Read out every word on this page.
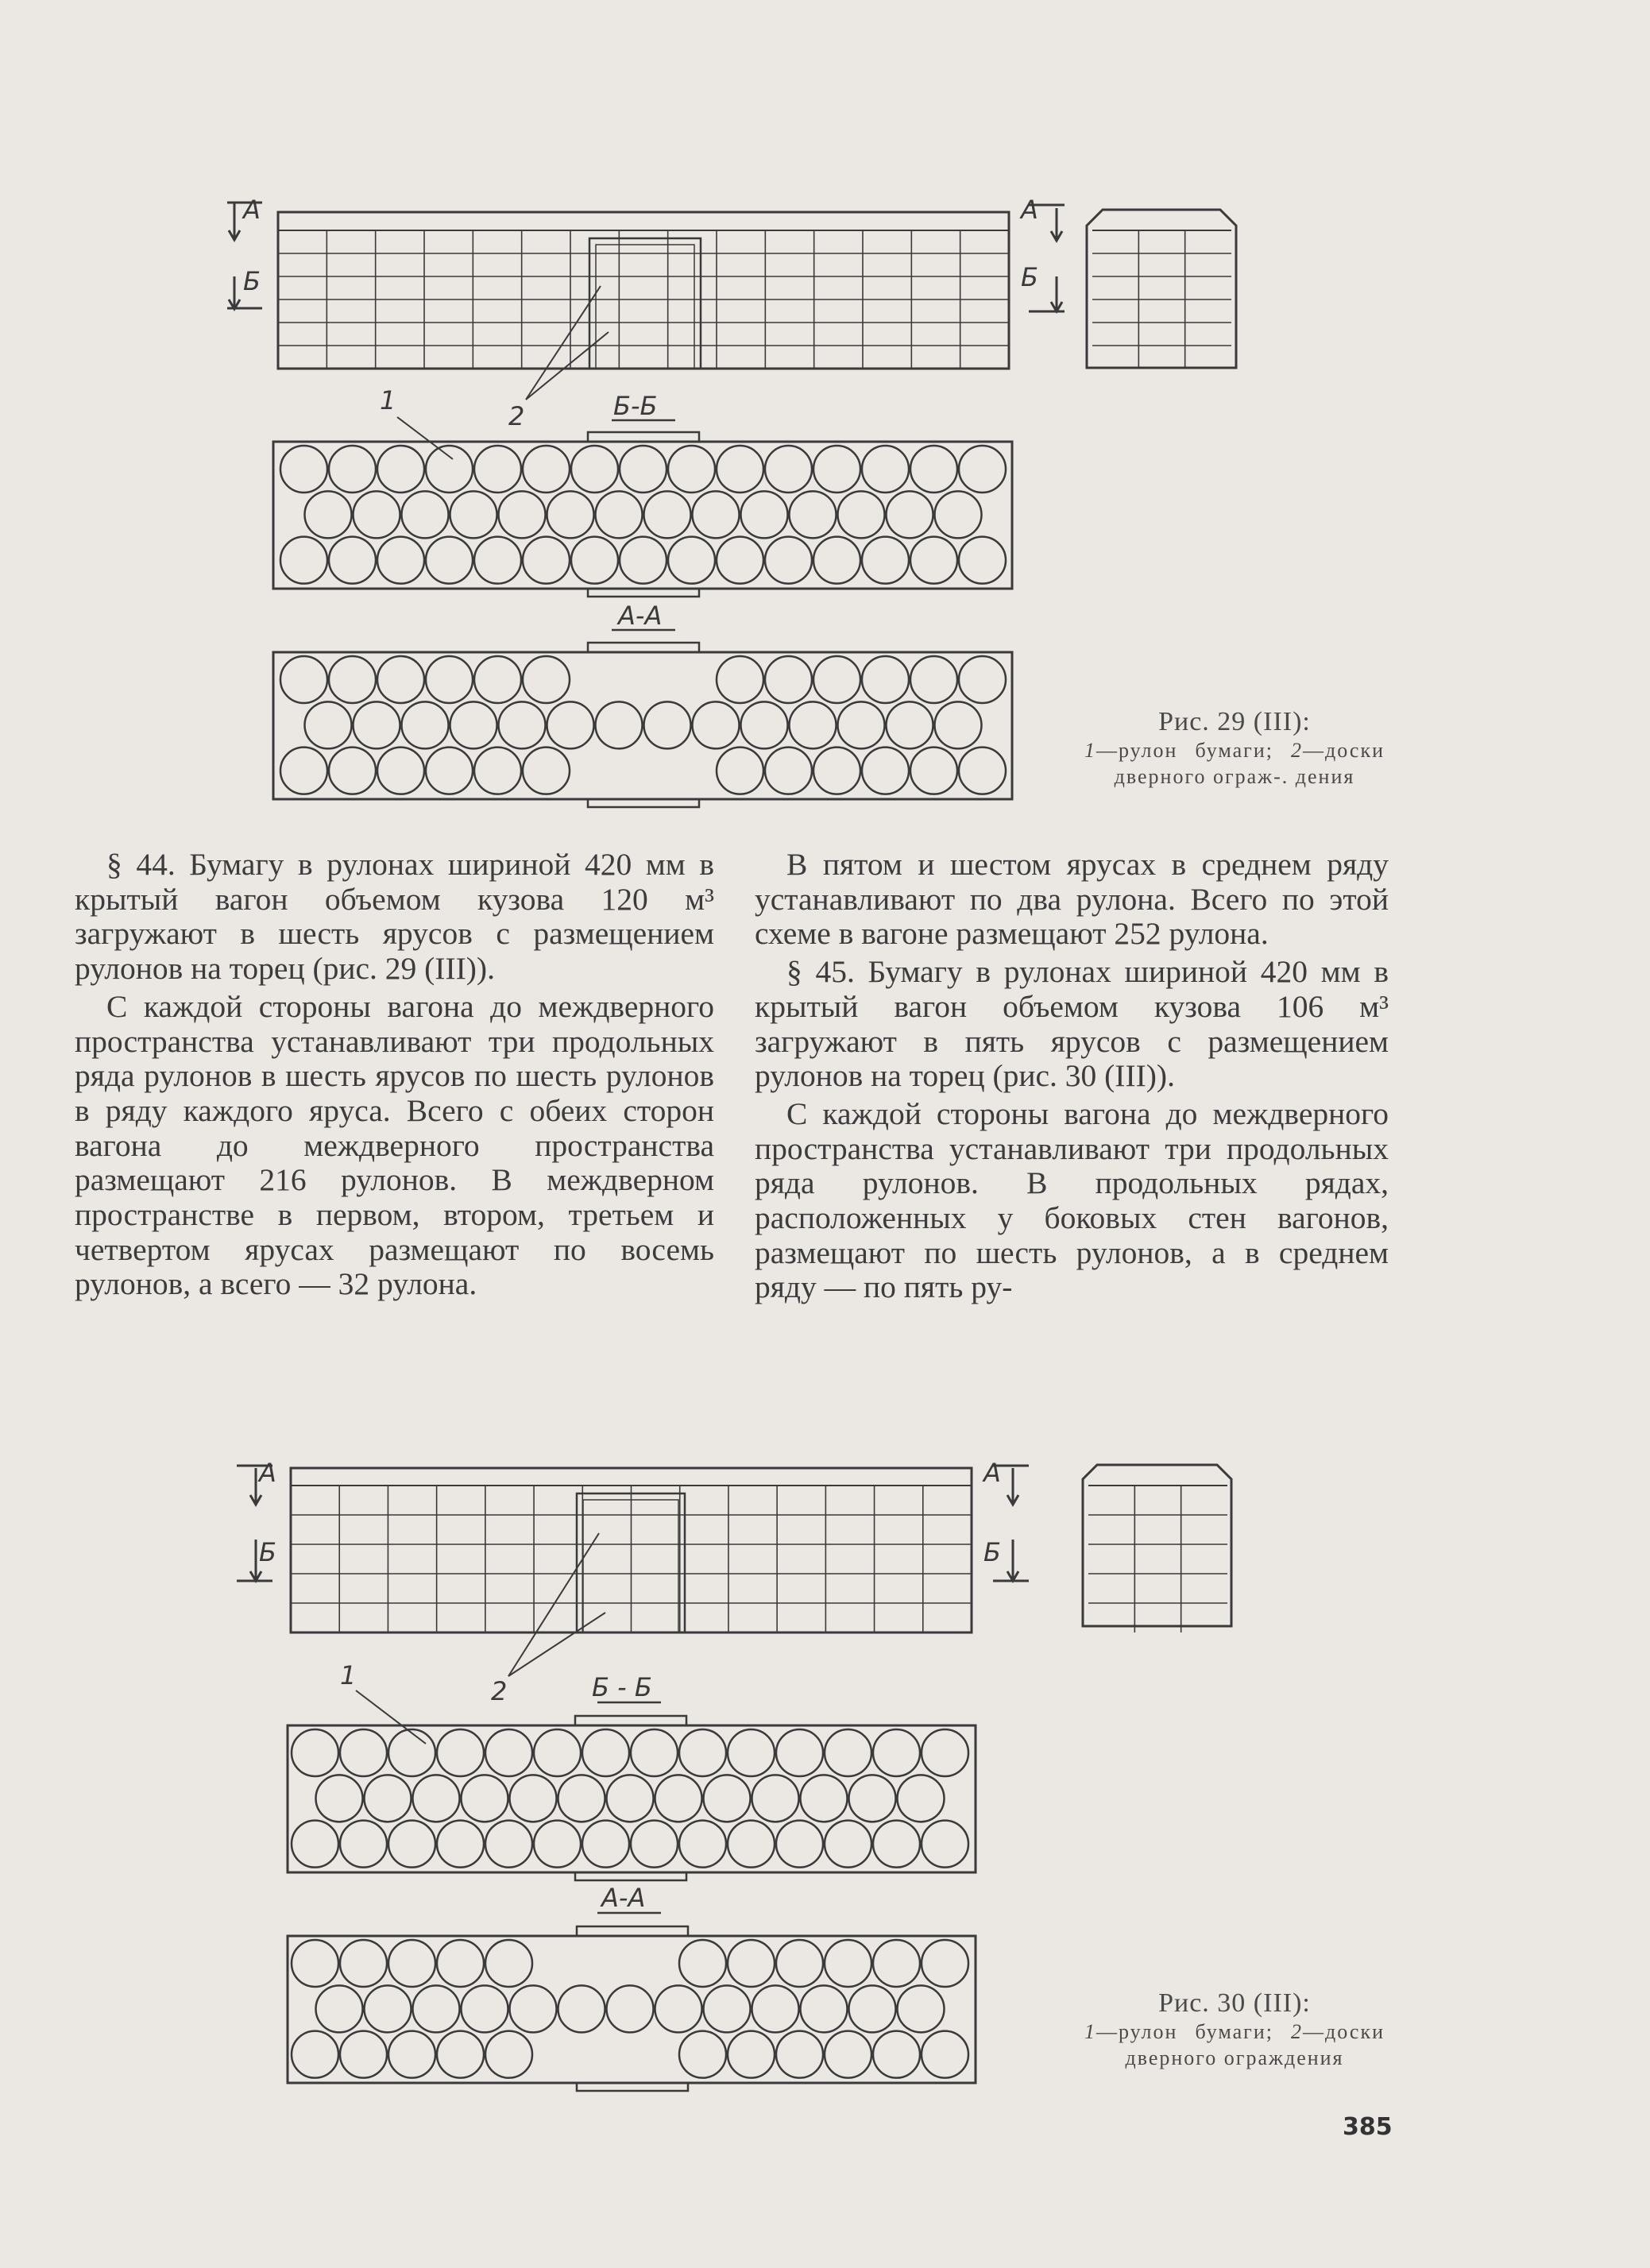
А
Б
А
Б
1
2	Б-Б
А-А
Рис. 29 (III):
1—рулон бумаги; 2—доски дверного ограж-. дения

§ 44. Бумагу в рулонах шириной 420 мм в крытый вагон объемом кузова 120 м³ загружают в шесть ярусов с размещением рулонов на торец (рис. 29 (III)).

С каждой стороны вагона до междверного пространства устанавливают три продольных ряда рулонов в шесть ярусов по шесть рулонов в ряду каждого яруса. Всего с обеих сторон вагона до междверного пространства размещают 216 рулонов. В междверном пространстве в первом, втором, третьем и четвертом ярусах размещают по восемь рулонов, а всего — 32 рулона.

В пятом и шестом ярусах в среднем ряду устанавливают по два рулона. Всего по этой схеме в вагоне размещают 252 рулона.

§ 45. Бумагу в рулонах шириной 420 мм в крытый вагон объемом кузова 106 м³ загружают в пять ярусов с размещением рулонов на торец (рис. 30 (III)).

С каждой стороны вагона до междверного пространства устанавливают три продольных ряда рулонов. В продольных рядах, расположенных у боковых стен вагонов, размещают по шесть рулонов, а в среднем ряду — по пять ру-

А
Б
А
Б
1
2	Б - Б
А-А
Рис. 30 (III):
1—рулон бумаги; 2—доски дверного ограждения
385
